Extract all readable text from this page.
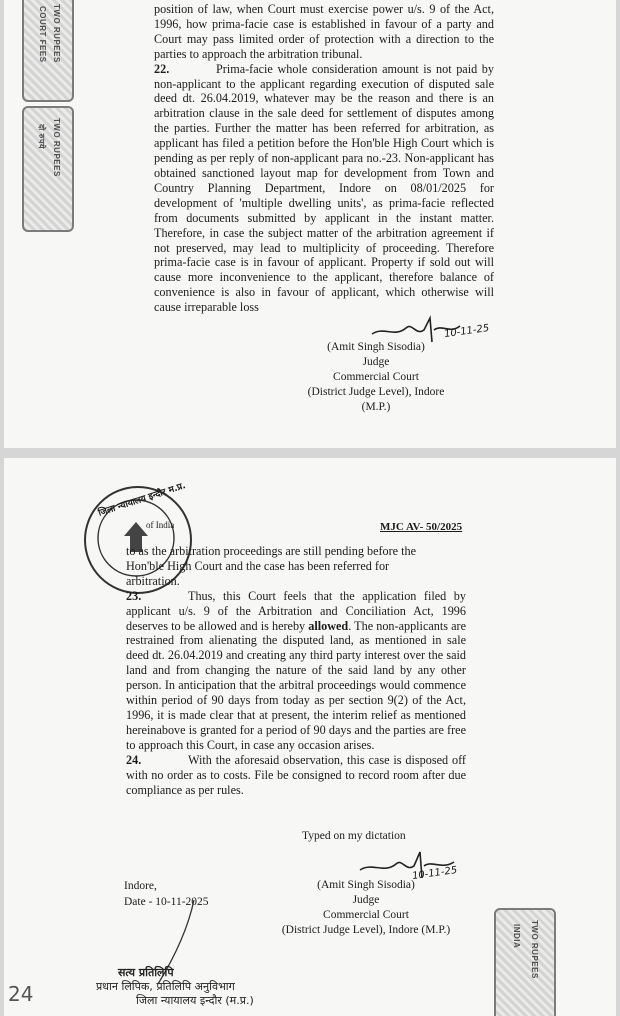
TWO RUPEES
COURT FEES
TWO RUPEES
दो रुपये

position of law, when Court must exercise power u/s. 9 of the Act, 1996, how prima-facie case is established in favour of a party and Court may pass limited order of protection with a direction to the parties to approach the arbitration tribunal.

22.	Prima-facie whole consideration amount is not paid by non-applicant to the applicant regarding execution of disputed sale deed dt. 26.04.2019, whatever may be the reason and there is an arbitration clause in the sale deed for settlement of disputes among the parties. Further the matter has been referred for arbitration, as applicant has filed a petition before the Hon'ble High Court which is pending as per reply of non-applicant para no.-23. Non-applicant has obtained sanctioned layout map for development from Town and Country Planning Department, Indore on 08/01/2025 for development of 'multiple dwelling units', as prima-facie reflected from documents submitted by applicant in the instant matter. Therefore, in case the subject matter of the arbitration agreement if not preserved, may lead to multiplicity of proceeding. Therefore prima-facie case is in favour of applicant. Property if sold out will cause more inconvenience to the applicant, therefore balance of convenience is also in favour of applicant, which otherwise will cause irreparable loss

10-11-25
(Amit Singh Sisodia)
Judge
Commercial Court
(District Judge Level), Indore (M.P.)
जिला न्यायालय इन्दौर म.प्र.
of India	MJC AV- 50/2025

to as the arbitration proceedings are still pending before the

Hon'ble High Court and the case has been referred for

arbitration.

23.	Thus, this Court feels that the application filed by applicant u/s. 9 of the Arbitration and Conciliation Act, 1996 deserves to be allowed and is hereby allowed. The non-applicants are restrained from alienating the disputed land, as mentioned in sale deed dt. 26.04.2019 and creating any third party interest over the said land and from changing the nature of the said land by any other person. In anticipation that the arbitral proceedings would commence within period of 90 days from today as per section 9(2) of the Act, 1996, it is made clear that at present, the interim relief as mentioned hereinabove is granted for a period of 90 days and the parties are free to approach this Court, in case any occasion arises.

24.	With the aforesaid observation, this case is disposed off with no order as to costs. File be consigned to record room after due compliance as per rules.

Typed on my dictation
10-11-25
Indore,
Date - 10-11-2025
(Amit Singh Sisodia)
Judge
Commercial Court
(District Judge Level), Indore (M.P.)
सत्य प्रतिलिपि
प्रधान लिपिक, प्रतिलिपि अनुविभाग
जिला न्यायालय इन्दौर (म.प्र.)
24
TWO RUPEES
INDIA
